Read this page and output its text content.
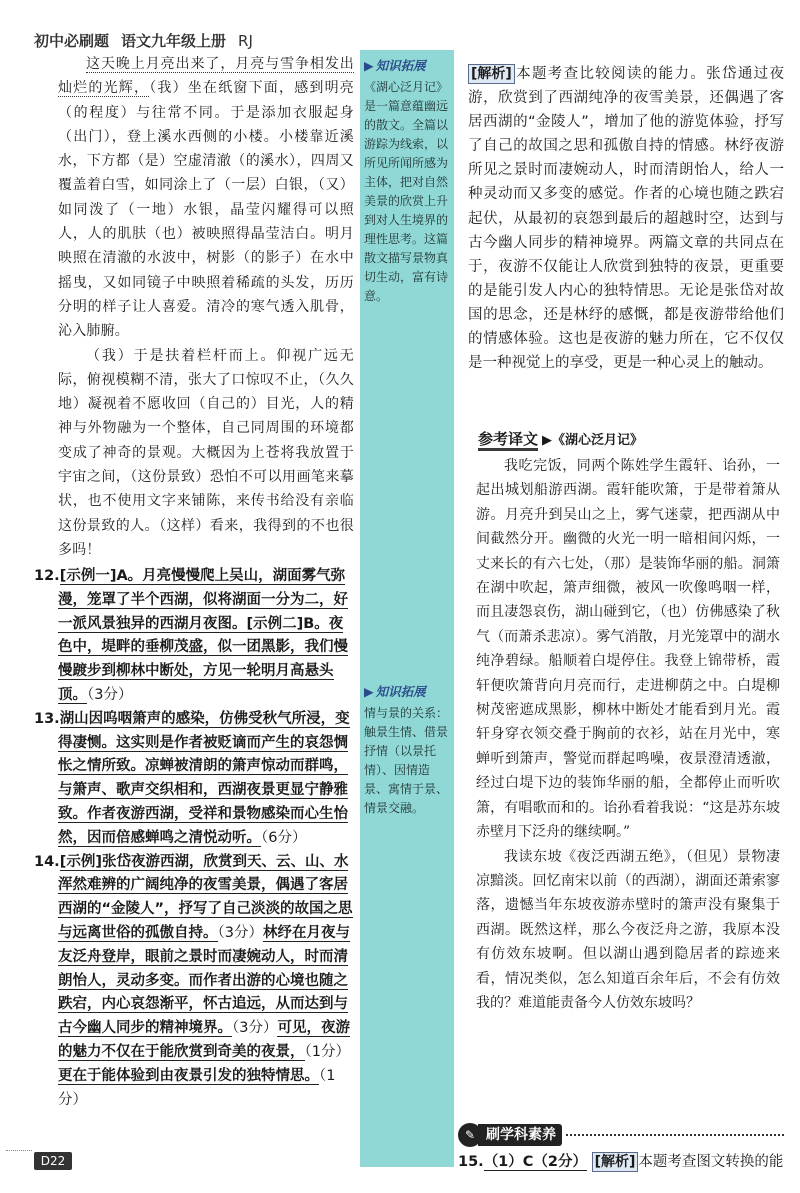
初中必刷题 语文九年级上册 RJ

这天晚上月亮出来了，月亮与雪争相发出灿烂的光辉，（我）坐在纸窗下面，感到明亮（的程度）与往常不同。于是添加衣服起身（出门），登上溪水西侧的小楼。小楼靠近溪水，下方都（是）空虚清澈（的溪水），四周又覆盖着白雪，如同涂上了（一层）白银，（又）如同泼了（一地）水银，晶莹闪耀得可以照人，人的肌肤（也）被映照得晶莹洁白。明月映照在清澈的水波中，树影（的影子）在水中摇曳，又如同镜子中映照着稀疏的头发，历历分明的样子让人喜爱。清冷的寒气透入肌骨，沁入肺腑。

（我）于是扶着栏杆而上。仰视广远无际，俯视模糊不清，张大了口惊叹不止，（久久地）凝视着不愿收回（自己的）目光，人的精神与外物融为一个整体，自己同周围的环境都变成了神奇的景观。大概因为上苍将我放置于宇宙之间，（这份景致）恐怕不可以用画笔来摹状，也不使用文字来铺陈，来传书给没有亲临这份景致的人。（这样）看来，我得到的不也很多吗！

12.[示例一]A。月亮慢慢爬上吴山，湖面雾气弥漫，笼罩了半个西湖，似将湖面一分为二，好一派风景独异的西湖月夜图。[示例二]B。夜色中，堤畔的垂柳茂盛，似一团黑影，我们慢慢踱步到柳林中断处，方见一轮明月高悬头顶。（3分）

13.湖山因呜咽箫声的感染，仿佛受秋气所浸，变得凄恻。这实则是作者被贬谪而产生的哀怨惆怅之情所致。凉蝉被清朗的箫声惊动而群鸣，与箫声、歌声交织相和，西湖夜景更显宁静雅致。作者夜游西湖，受祥和景物感染而心生怡然，因而倍感蝉鸣之清悦动听。（6分）

14.[示例]张岱夜游西湖，欣赏到天、云、山、水浑然难辨的广阔纯净的夜雪美景，偶遇了客居西湖的“金陵人”，抒写了自己淡淡的故国之思与远离世俗的孤傲自持。（3分）林纾在月夜与友泛舟登岸，眼前之景时而凄婉动人，时而清朗怡人，灵动多变。而作者出游的心境也随之跌宕，内心哀怨渐平，怀古追远，从而达到与古今幽人同步的精神境界。（3分）可见，夜游的魅力不仅在于能欣赏到奇美的夜景，（1分）更在于能体验到由夜景引发的独特情思。（1分）

▶ 知识拓展
《湖心泛月记》是一篇意蕴幽远的散文。全篇以游踪为线索，以所见所闻所感为主体，把对自然美景的欣赏上升到对人生境界的理性思考。这篇散文描写景物真切生动，富有诗意。
▶ 知识拓展
情与景的关系：触景生情、借景抒情（以景托情）、因情造景、寓情于景、情景交融。
[解析] 本题考查比较阅读的能力。张岱通过夜游，欣赏到了西湖纯净的夜雪美景，还偶遇了客居西湖的“金陵人”，增加了他的游览体验，抒写了自己的故国之思和孤傲自持的情感。林纾夜游所见之景时而凄婉动人，时而清朗怡人，给人一种灵动而又多变的感觉。作者的心境也随之跌宕起伏，从最初的哀怨到最后的超越时空，达到与古今幽人同步的精神境界。两篇文章的共同点在于，夜游不仅能让人欣赏到独特的夜景，更重要的是能引发人内心的独特情思。无论是张岱对故国的思念，还是林纾的感慨，都是夜游带给他们的情感体验。这也是夜游的魅力所在，它不仅仅是一种视觉上的享受，更是一种心灵上的触动。
参考译文 ▶《湖心泛月记》

我吃完饭，同两个陈姓学生霞轩、诒孙，一起出城划船游西湖。霞轩能吹箫，于是带着箫从游。月亮升到吴山之上，雾气迷蒙，把西湖从中间截然分开。幽微的火光一明一暗相间闪烁，一丈来长的有六七处，（那）是装饰华丽的船。洞箫在湖中吹起，箫声细微，被风一吹像鸣咽一样，而且凄怨哀伤，湖山碰到它，（也）仿佛感染了秋气（而萧杀悲凉）。雾气消散，月光笼罩中的湖水纯净碧绿。船顺着白堤停住。我登上锦带桥，霞轩便吹箫背向月亮而行，走进柳荫之中。白堤柳树茂密遮成黑影，柳林中断处才能看到月光。霞轩身穿衣领交叠于胸前的衣衫，站在月光中，寒蝉听到箫声，警觉而群起鸣噪，夜景澄清透澈，经过白堤下边的装饰华丽的船，全都停止而听吹箫，有唱歌而和的。诒孙看着我说：“这是苏东坡赤壁月下泛舟的继续啊。”

我读东坡《夜泛西湖五绝》，（但见）景物凄凉黯淡。回忆南宋以前（的西湖），湖面还萧索寥落，遗憾当年东坡夜游赤壁时的箫声没有聚集于西湖。既然这样，那么今夜泛舟之游，我原本没有仿效东坡啊。但以湖山遇到隐居者的踪迹来看，情况类似，怎么知道百余年后，不会有仿效我的？难道能责备今人仿效东坡吗？

✎ 刷学科素养
15.（1）C（2分） [解析] 本题考查图文转换的能
D22
